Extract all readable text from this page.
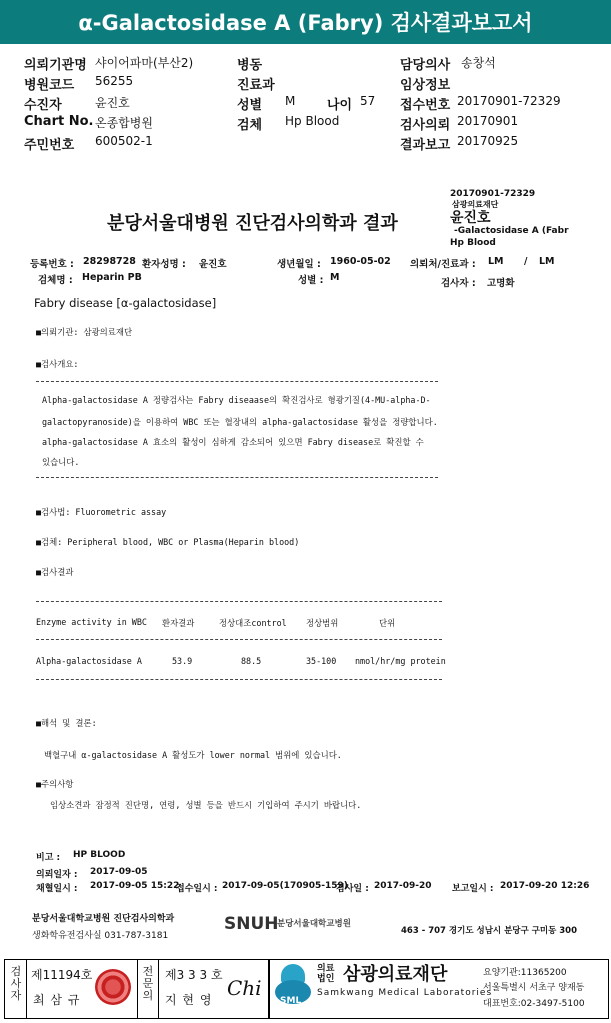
α-Galactosidase A (Fabry) 검사결과보고서
의뢰기관명 샤이어파마(부산2)	병동	담당의사 송창석
병원코드 56255	진료과	임상정보
수진자	윤진호	성별 M 나이 57 접수번호 20170901-72329
Chart No. 온종합병원	검체 Hp Blood	검사의뢰 20170901
주민번호 600502-1	결과보고 20170925
20170901-72329
삼광의료재단
윤진호
-Galactosidase A (Fabr
Hp Blood
분당서울대병원 진단검사의학과 결과
등록번호 : 28298728 환자성명 : 윤진호	생년월일 : 1960-05-02 의뢰처/진료과 : LM / LM
검체명 : Heparin PB	성별 : M
검사자 : 고명화
Fabry disease [α-galactosidase]
■의뢰기관: 삼광의료재단
■검사개요:
Alpha-galactosidase A 정량검사는 Fabry diseaase의 확진검사로 형광기질(4-MU-alpha-D-
galactopyranoside)을 이용하여 WBC 또는 혈장내의 alpha-galactosidase 활성을 정량합니다.
alpha-galactosidase A 효소의 활성이 심하게 감소되어 있으면 Fabry disease로 확진할 수
있습니다.
■검사법: Fluorometric assay
■검체: Peripheral blood, WBC or Plasma(Heparin blood)
■검사결과
Enzyme activity in WBC 환자결과	정상대조control 정상범위	단위
Alpha-galactosidase A	53.9	88.5	35-100 nmol/hr/mg protein
■해석 및 결론:
백혈구내 α-galactosidase A 활성도가 lower normal 범위에 있습니다.
■주의사항
임상소견과 잠정적 진단명, 연령, 성별 등을 반드시 기입하여 주시기 바랍니다.
비고 : HP BLOOD
의뢰일자 : 2017-09-05
채혈일시 : 2017-09-05 15:22
접수일시 : 2017-09-05(170905-159)
검사일 : 2017-09-20 보고일시 : 2017-09-20 12:26
분당서울대학교병원 진단검사의학과
생화학유전검사실 031-787-3181
SNUH
분당서울대학교병원
463 - 707 경기도 성남시 분당구 구미동 300
검사자
제11194호
최 삼 규
전문의
제3 3 3 호
지 현 영 Chi
SML
의료법인 삼광의료재단
Samkwang Medical Laboratories
요양기관:11365200
서울특별시 서초구 양재동
대표번호:02-3497-5100
